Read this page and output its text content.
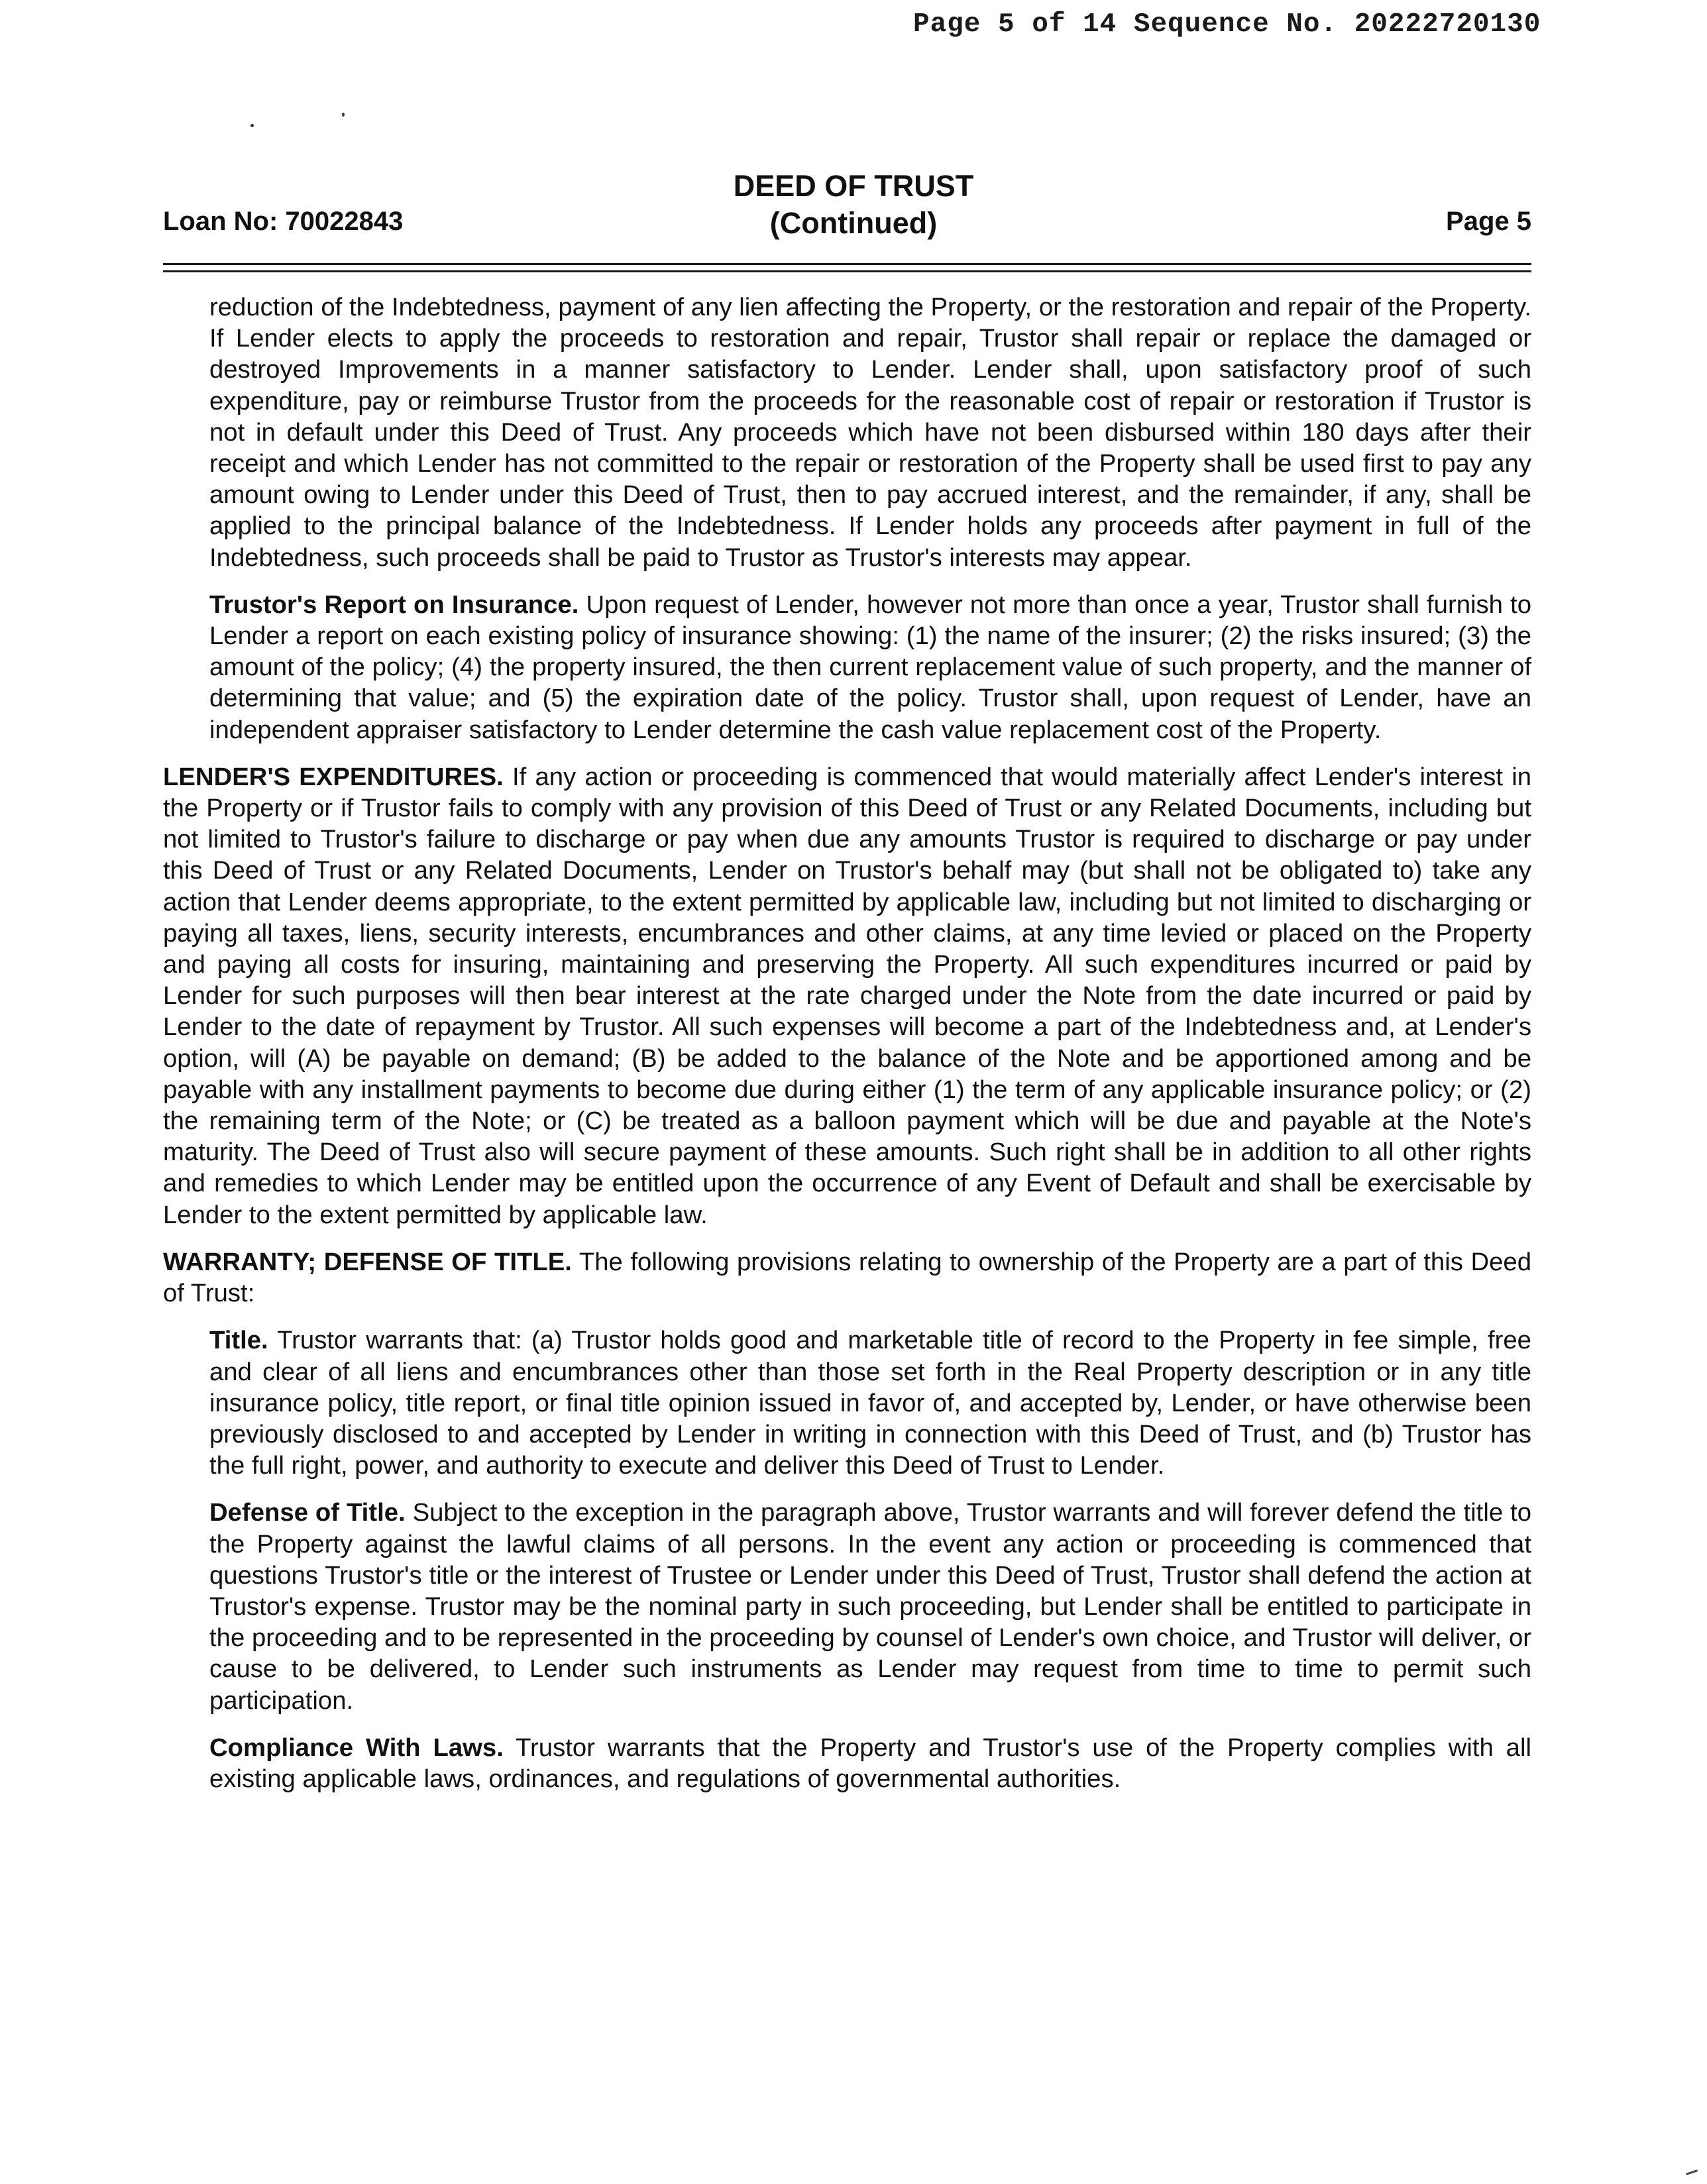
Page 5 of 14 Sequence No. 20222720130
DEED OF TRUST
(Continued)
Loan No: 70022843	Page 5

reduction of the Indebtedness, payment of any lien affecting the Property, or the restoration and repair of the Property. If Lender elects to apply the proceeds to restoration and repair, Trustor shall repair or replace the damaged or destroyed Improvements in a manner satisfactory to Lender. Lender shall, upon satisfactory proof of such expenditure, pay or reimburse Trustor from the proceeds for the reasonable cost of repair or restoration if Trustor is not in default under this Deed of Trust. Any proceeds which have not been disbursed within 180 days after their receipt and which Lender has not committed to the repair or restoration of the Property shall be used first to pay any amount owing to Lender under this Deed of Trust, then to pay accrued interest, and the remainder, if any, shall be applied to the principal balance of the Indebtedness. If Lender holds any proceeds after payment in full of the Indebtedness, such proceeds shall be paid to Trustor as Trustor's interests may appear.

Trustor's Report on Insurance. Upon request of Lender, however not more than once a year, Trustor shall furnish to Lender a report on each existing policy of insurance showing: (1) the name of the insurer; (2) the risks insured; (3) the amount of the policy; (4) the property insured, the then current replacement value of such property, and the manner of determining that value; and (5) the expiration date of the policy. Trustor shall, upon request of Lender, have an independent appraiser satisfactory to Lender determine the cash value replacement cost of the Property.

LENDER'S EXPENDITURES. If any action or proceeding is commenced that would materially affect Lender's interest in the Property or if Trustor fails to comply with any provision of this Deed of Trust or any Related Documents, including but not limited to Trustor's failure to discharge or pay when due any amounts Trustor is required to discharge or pay under this Deed of Trust or any Related Documents, Lender on Trustor's behalf may (but shall not be obligated to) take any action that Lender deems appropriate, to the extent permitted by applicable law, including but not limited to discharging or paying all taxes, liens, security interests, encumbrances and other claims, at any time levied or placed on the Property and paying all costs for insuring, maintaining and preserving the Property. All such expenditures incurred or paid by Lender for such purposes will then bear interest at the rate charged under the Note from the date incurred or paid by Lender to the date of repayment by Trustor. All such expenses will become a part of the Indebtedness and, at Lender's option, will (A) be payable on demand; (B) be added to the balance of the Note and be apportioned among and be payable with any installment payments to become due during either (1) the term of any applicable insurance policy; or (2) the remaining term of the Note; or (C) be treated as a balloon payment which will be due and payable at the Note's maturity. The Deed of Trust also will secure payment of these amounts. Such right shall be in addition to all other rights and remedies to which Lender may be entitled upon the occurrence of any Event of Default and shall be exercisable by Lender to the extent permitted by applicable law.

WARRANTY; DEFENSE OF TITLE. The following provisions relating to ownership of the Property are a part of this Deed of Trust:

Title. Trustor warrants that: (a) Trustor holds good and marketable title of record to the Property in fee simple, free and clear of all liens and encumbrances other than those set forth in the Real Property description or in any title insurance policy, title report, or final title opinion issued in favor of, and accepted by, Lender, or have otherwise been previously disclosed to and accepted by Lender in writing in connection with this Deed of Trust, and (b) Trustor has the full right, power, and authority to execute and deliver this Deed of Trust to Lender.

Defense of Title. Subject to the exception in the paragraph above, Trustor warrants and will forever defend the title to the Property against the lawful claims of all persons. In the event any action or proceeding is commenced that questions Trustor's title or the interest of Trustee or Lender under this Deed of Trust, Trustor shall defend the action at Trustor's expense. Trustor may be the nominal party in such proceeding, but Lender shall be entitled to participate in the proceeding and to be represented in the proceeding by counsel of Lender's own choice, and Trustor will deliver, or cause to be delivered, to Lender such instruments as Lender may request from time to time to permit such participation.

Compliance With Laws. Trustor warrants that the Property and Trustor's use of the Property complies with all existing applicable laws, ordinances, and regulations of governmental authorities.
